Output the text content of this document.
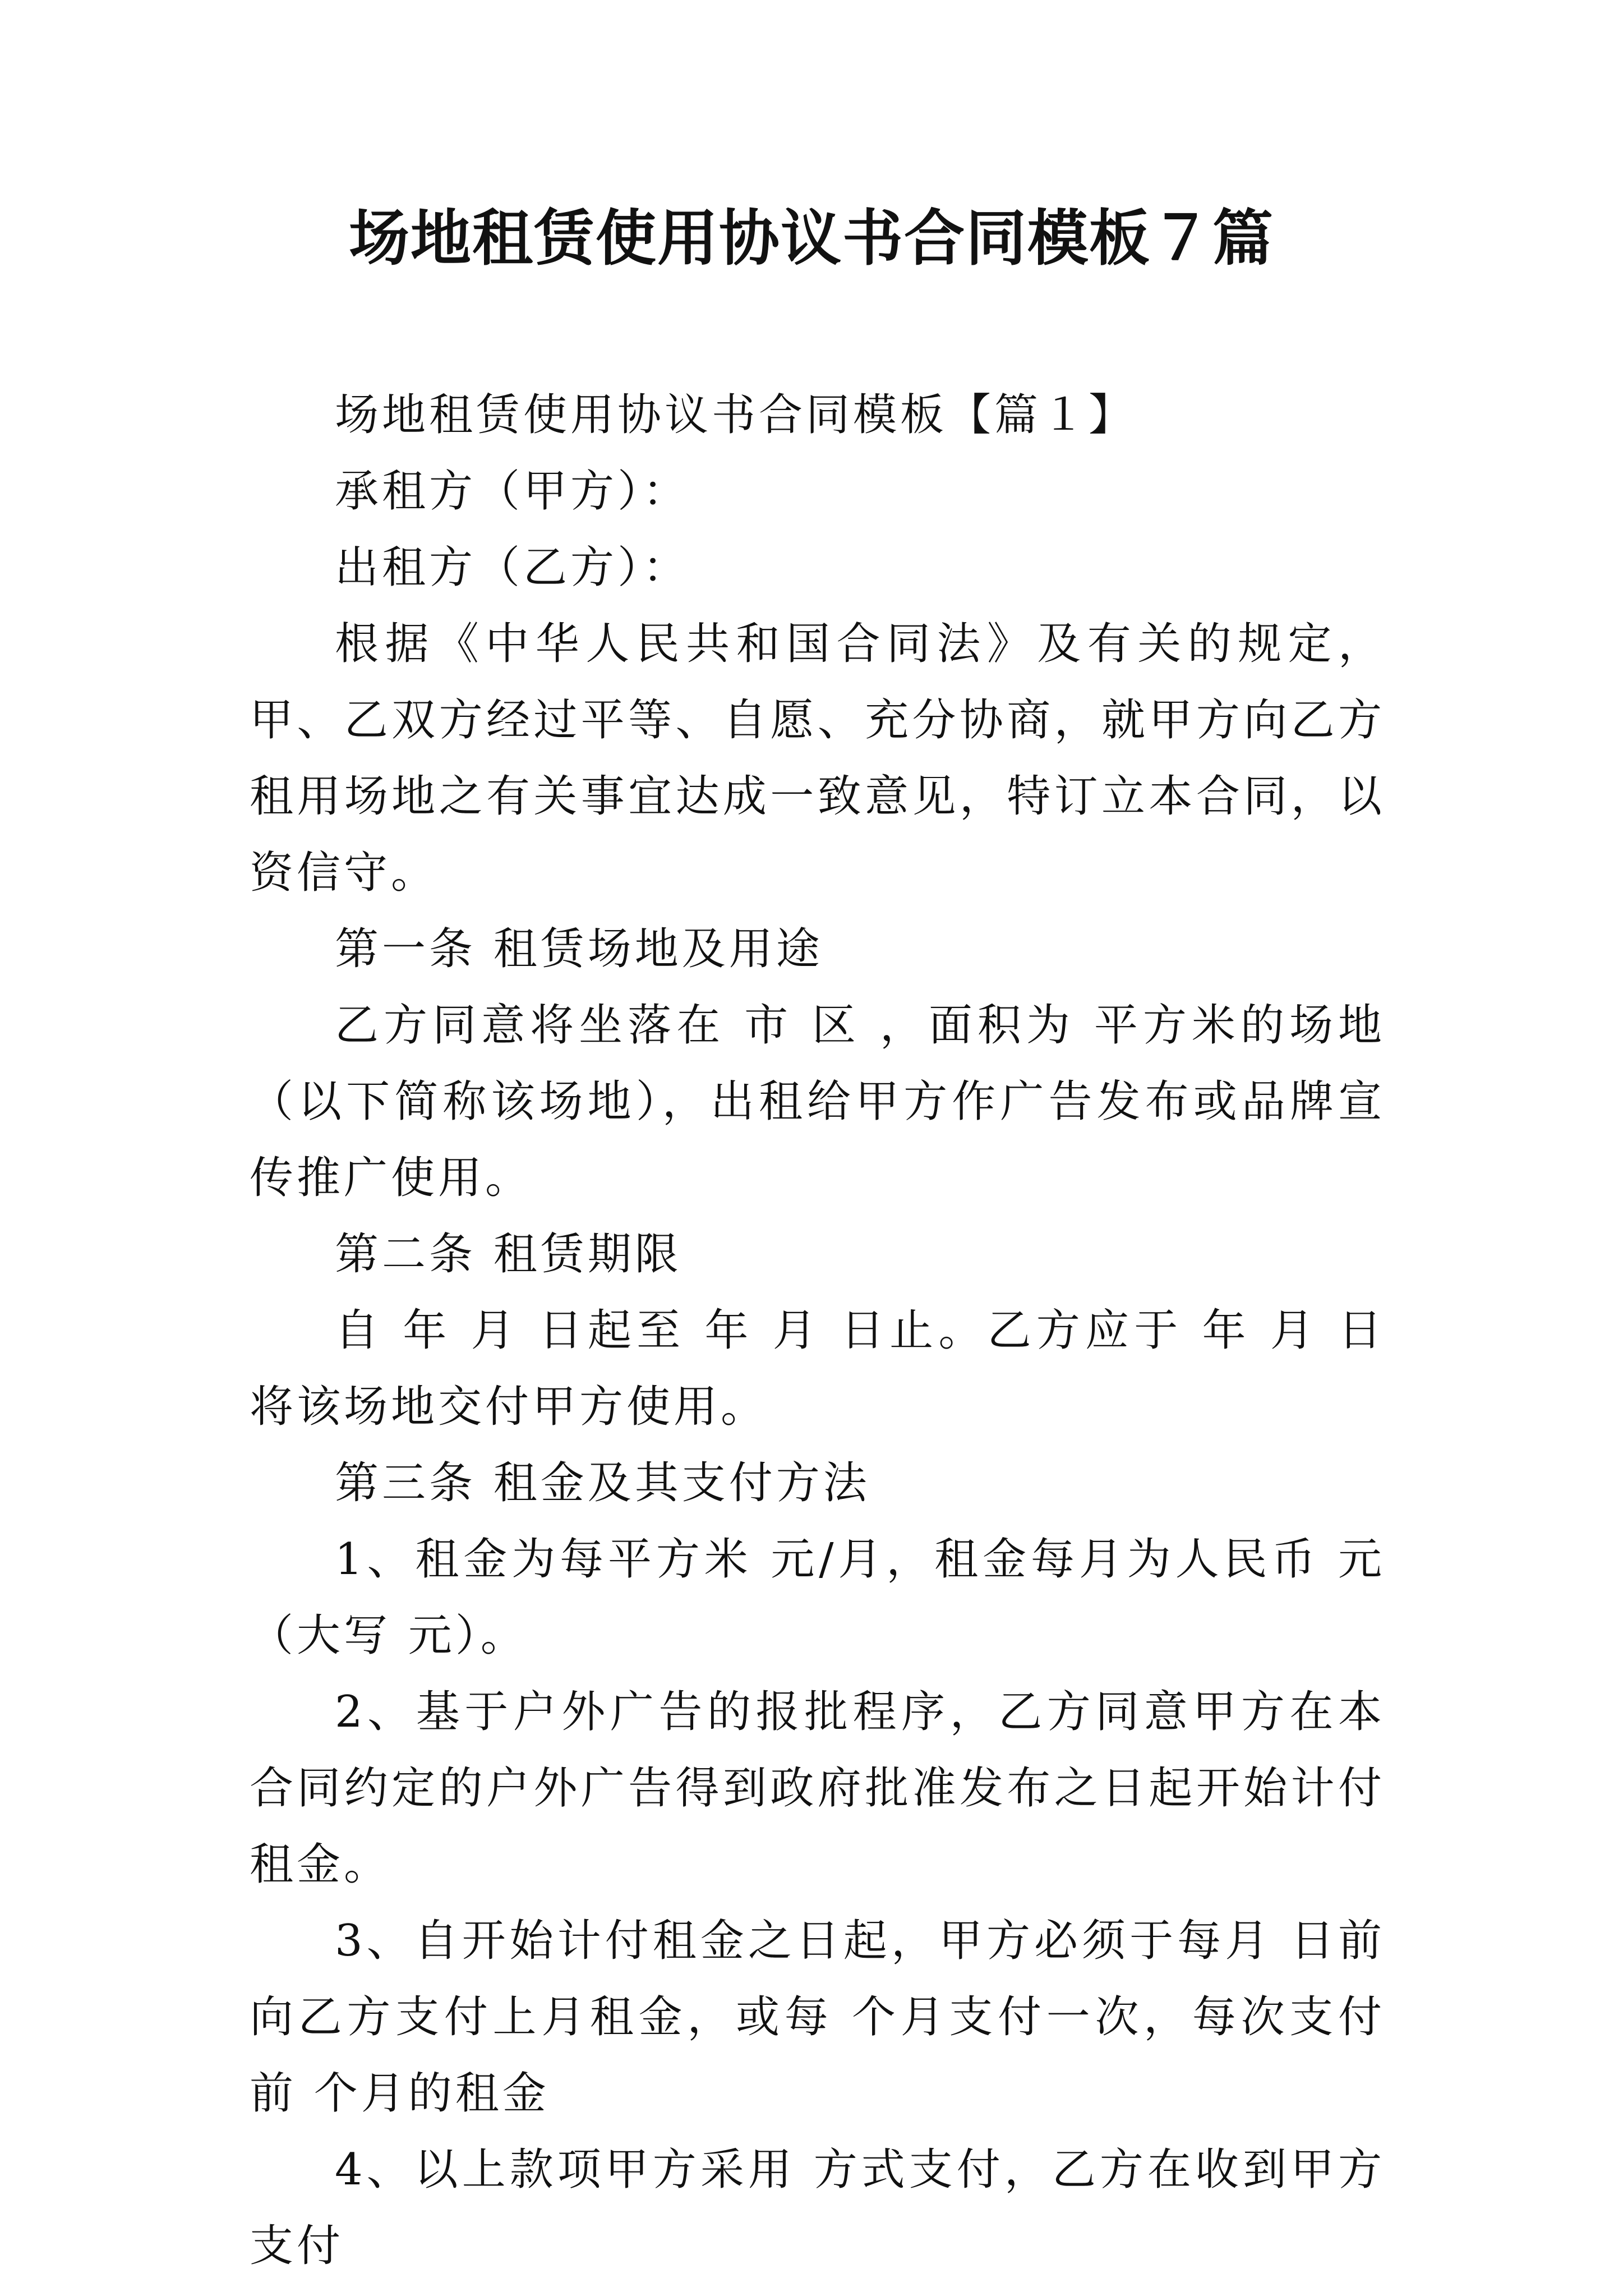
场地租赁使用协议书合同模板７篇

场地租赁使用协议书合同模板【篇１】

承租方（甲方）：

出租方（乙方）：

根据《中华人民共和国合同法》及有关的规定，甲、乙双方经过平等、自愿、充分协商，就甲方向乙方租用场地之有关事宜达成一致意见，特订立本合同，以资信守。

第一条 租赁场地及用途

乙方同意将坐落在 市 区 ，面积为 平方米的场地（以下简称该场地），出租给甲方作广告发布或品牌宣传推广使用。

第二条 租赁期限

自 年 月 日起至 年 月 日止。乙方应于 年 月 日将该场地交付甲方使用。

第三条 租金及其支付方法

1、租金为每平方米 元/月，租金每月为人民币 元（大写 元）。

2、基于户外广告的报批程序，乙方同意甲方在本合同约定的户外广告得到政府批准发布之日起开始计付租金。

3、自开始计付租金之日起，甲方必须于每月 日前向乙方支付上月租金，或每 个月支付一次，每次支付前 个月的租金

4、以上款项甲方采用 方式支付，乙方在收到甲方支付
